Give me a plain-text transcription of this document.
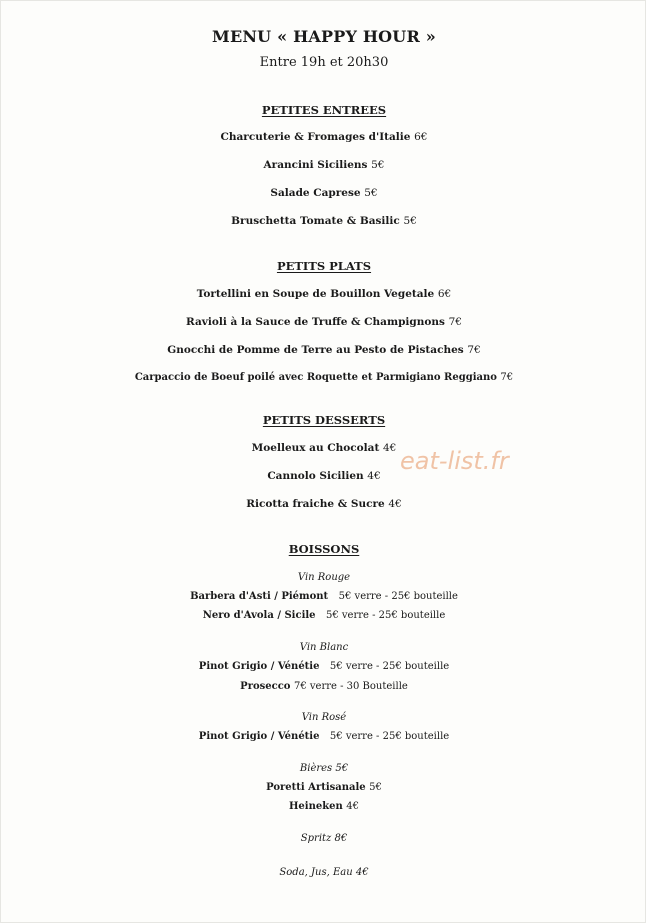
MENU « HAPPY HOUR »
Entre 19h et 20h30
PETITES ENTREES
Charcuterie & Fromages d'Italie 6€
Arancini Siciliens 5€
Salade Caprese 5€
Bruschetta Tomate & Basilic 5€
PETITS PLATS
Tortellini en Soupe de Bouillon Vegetale 6€
Ravioli à la Sauce de Truffe & Champignons 7€
Gnocchi de Pomme de Terre au Pesto de Pistaches 7€
Carpaccio de Boeuf poilé avec Roquette et Parmigiano Reggiano 7€
PETITS DESSERTS
Moelleux au Chocolat 4€
Cannolo Sicilien 4€
Ricotta fraiche & Sucre 4€
BOISSONS
Vin Rouge
Barbera d'Asti / Piémont 5€ verre - 25€ bouteille
Nero d'Avola / Sicile 5€ verre - 25€ bouteille
Vin Blanc
Pinot Grigio / Vénétie 5€ verre - 25€ bouteille
Prosecco 7€ verre - 30 Bouteille
Vin Rosé
Pinot Grigio / Vénétie 5€ verre - 25€ bouteille
Bières 5€
Poretti Artisanale 5€
Heineken 4€
Spritz 8€
Soda, Jus, Eau 4€
eat-list.fr
